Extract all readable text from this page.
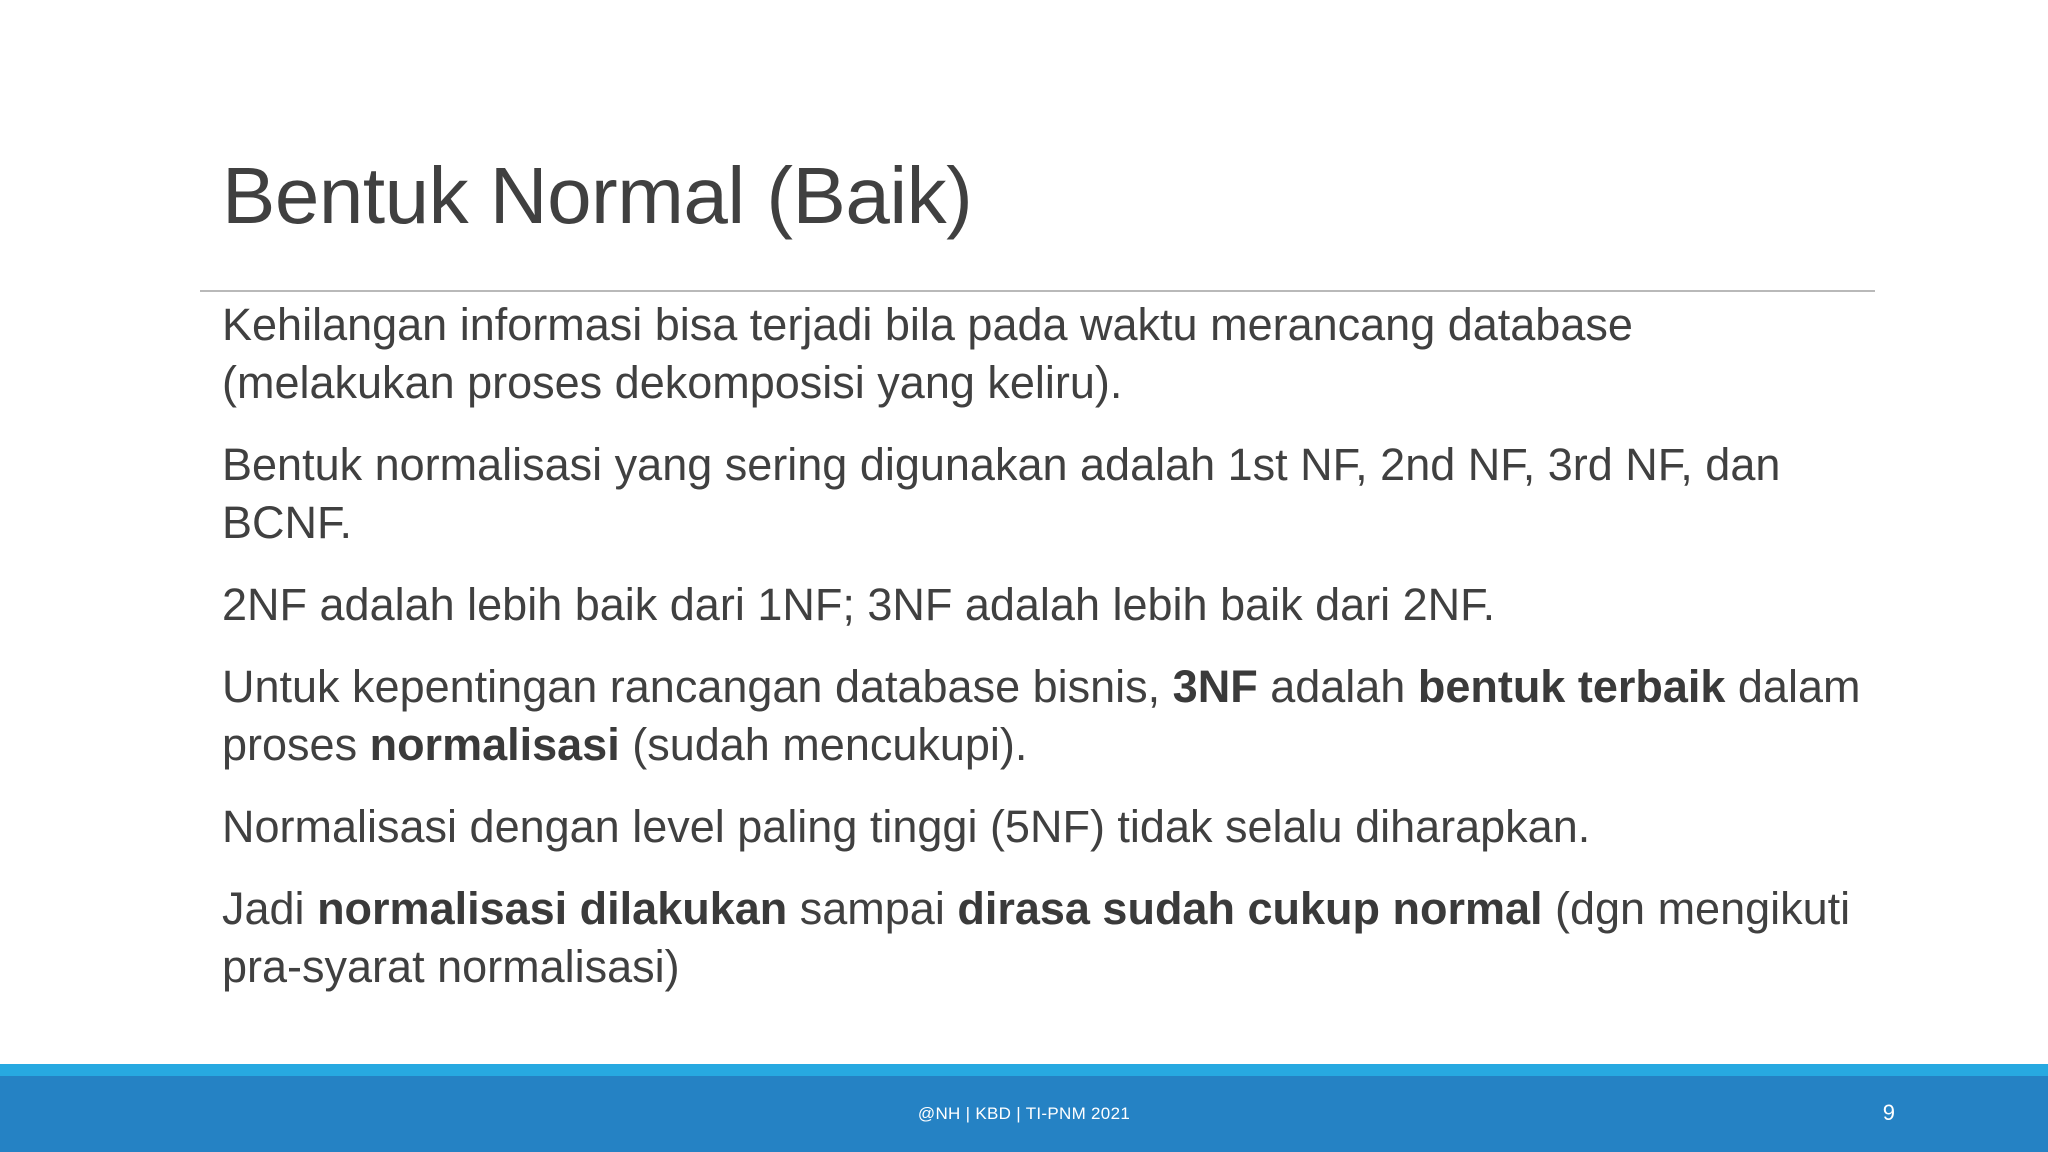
Bentuk Normal (Baik)

Kehilangan informasi bisa terjadi bila pada waktu merancang database (melakukan proses dekomposisi yang keliru).

Bentuk normalisasi yang sering digunakan adalah 1st NF, 2nd NF, 3rd NF, dan BCNF.

2NF adalah lebih baik dari 1NF; 3NF adalah lebih baik dari 2NF.

Untuk kepentingan rancangan database bisnis, 3NF adalah bentuk terbaik dalam proses normalisasi (sudah mencukupi).

Normalisasi dengan level paling tinggi (5NF) tidak selalu diharapkan.

Jadi normalisasi dilakukan sampai dirasa sudah cukup normal (dgn mengikuti pra-syarat normalisasi)

@NH | KBD | TI-PNM 2021	9
